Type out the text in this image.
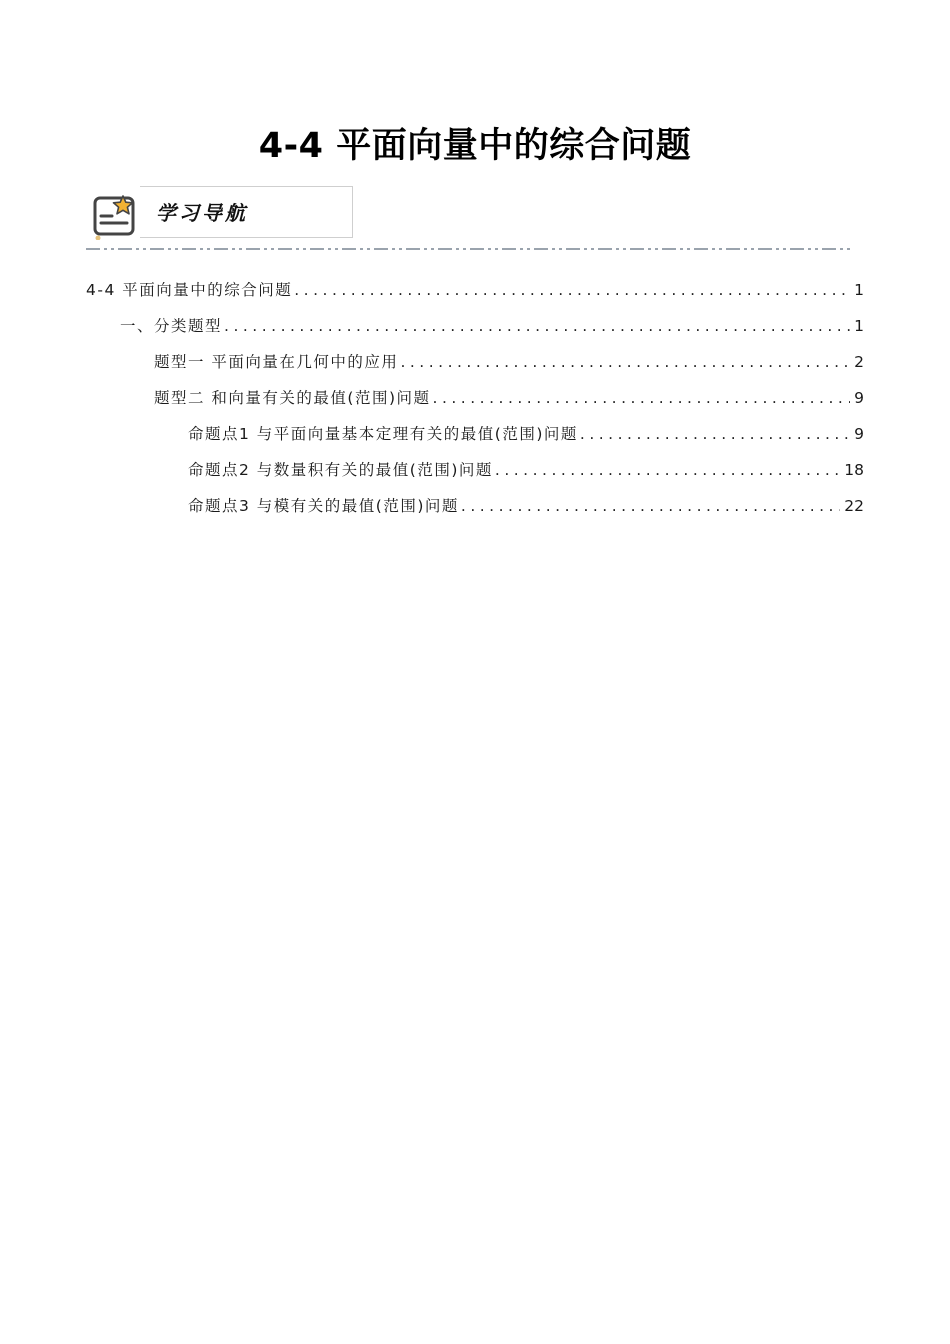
4-4 平面向量中的综合问题
学习导航
4-4 平面向量中的综合问题 .....	1
一、分类题型 .....	1
题型一 平面向量在几何中的应用 .....	2
题型二 和向量有关的最值(范围)问题 .....	9
命题点1 与平面向量基本定理有关的最值(范围)问题 .....	9
命题点2 与数量积有关的最值(范围)问题 .....	18
命题点3 与模有关的最值(范围)问题 .....	22
